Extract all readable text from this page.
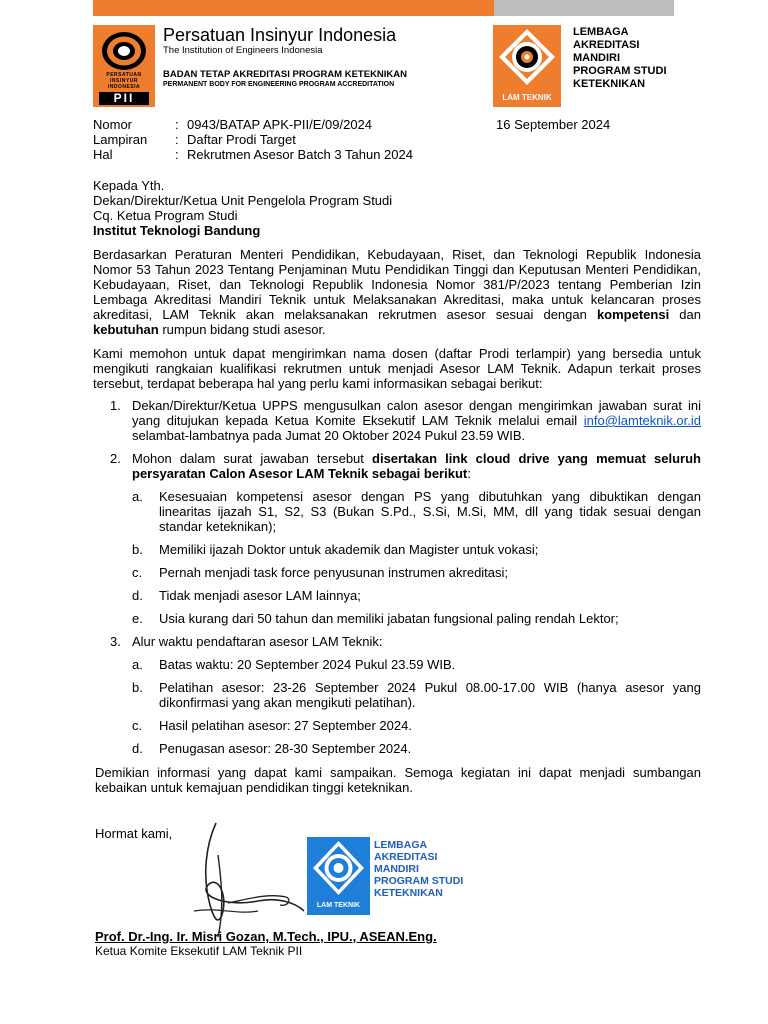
PERSATUAN
INSINYUR
INDONESIA
PII
Persatuan Insinyur Indonesia
The Institution of Engineers Indonesia
BADAN TETAP AKREDITASI PROGRAM KETEKNIKAN
PERMANENT BODY FOR ENGINEERING PROGRAM ACCREDITATION
LAM TEKNIK
LEMBAGA
AKREDITASI
MANDIRI
PROGRAM STUDI
KETEKNIKAN
Nomor	: 0943/BATAP APK-PII/E/09/2024	16 September 2024
Lampiran : Daftar Prodi Target
Hal	: Rekrutmen Asesor Batch 3 Tahun 2024
Kepada Yth.
Dekan/Direktur/Ketua Unit Pengelola Program Studi
Cq. Ketua Program Studi
Institut Teknologi Bandung
Berdasarkan Peraturan Menteri Pendidikan, Kebudayaan, Riset, dan Teknologi Republik Indonesia Nomor 53 Tahun 2023 Tentang Penjaminan Mutu Pendidikan Tinggi dan Keputusan Menteri Pendidikan, Kebudayaan, Riset, dan Teknologi Republik Indonesia Nomor 381/P/2023 tentang Pemberian Izin Lembaga Akreditasi Mandiri Teknik untuk Melaksanakan Akreditasi, maka untuk kelancaran proses akreditasi, LAM Teknik akan melaksanakan rekrutmen asesor sesuai dengan kompetensi dan kebutuhan rumpun bidang studi asesor.
Kami memohon untuk dapat mengirimkan nama dosen (daftar Prodi terlampir) yang bersedia untuk mengikuti rangkaian kualifikasi rekrutmen untuk menjadi Asesor LAM Teknik. Adapun terkait proses tersebut, terdapat beberapa hal yang perlu kami informasikan sebagai berikut:
1. Dekan/Direktur/Ketua UPPS mengusulkan calon asesor dengan mengirimkan jawaban surat ini yang ditujukan kepada Ketua Komite Eksekutif LAM Teknik melalui email info@lamteknik.or.id selambat-lambatnya pada Jumat 20 Oktober 2024 Pukul 23.59 WIB.
2. Mohon dalam surat jawaban tersebut disertakan link cloud drive yang memuat seluruh persyaratan Calon Asesor LAM Teknik sebagai berikut:
a. Kesesuaian kompetensi asesor dengan PS yang dibutuhkan yang dibuktikan dengan linearitas ijazah S1, S2, S3 (Bukan S.Pd., S.Si, M.Si, MM, dll yang tidak sesuai dengan standar keteknikan);
b. Memiliki ijazah Doktor untuk akademik dan Magister untuk vokasi;
c. Pernah menjadi task force penyusunan instrumen akreditasi;
d. Tidak menjadi asesor LAM lainnya;
e. Usia kurang dari 50 tahun dan memiliki jabatan fungsional paling rendah Lektor;
3. Alur waktu pendaftaran asesor LAM Teknik:
a. Batas waktu: 20 September 2024 Pukul 23.59 WIB.
b. Pelatihan asesor: 23-26 September 2024 Pukul 08.00-17.00 WIB (hanya asesor yang dikonfirmasi yang akan mengikuti pelatihan).
c. Hasil pelatihan asesor: 27 September 2024.
d. Penugasan asesor: 28-30 September 2024.
Demikian informasi yang dapat kami sampaikan. Semoga kegiatan ini dapat menjadi sumbangan kebaikan untuk kemajuan pendidikan tinggi keteknikan.
Hormat kami,
LAM TEKNIK
LEMBAGA
AKREDITASI
MANDIRI
PROGRAM STUDI
KETEKNIKAN
Prof. Dr.-Ing. Ir. Misri Gozan, M.Tech., IPU., ASEAN.Eng.
Ketua Komite Eksekutif LAM Teknik PII
